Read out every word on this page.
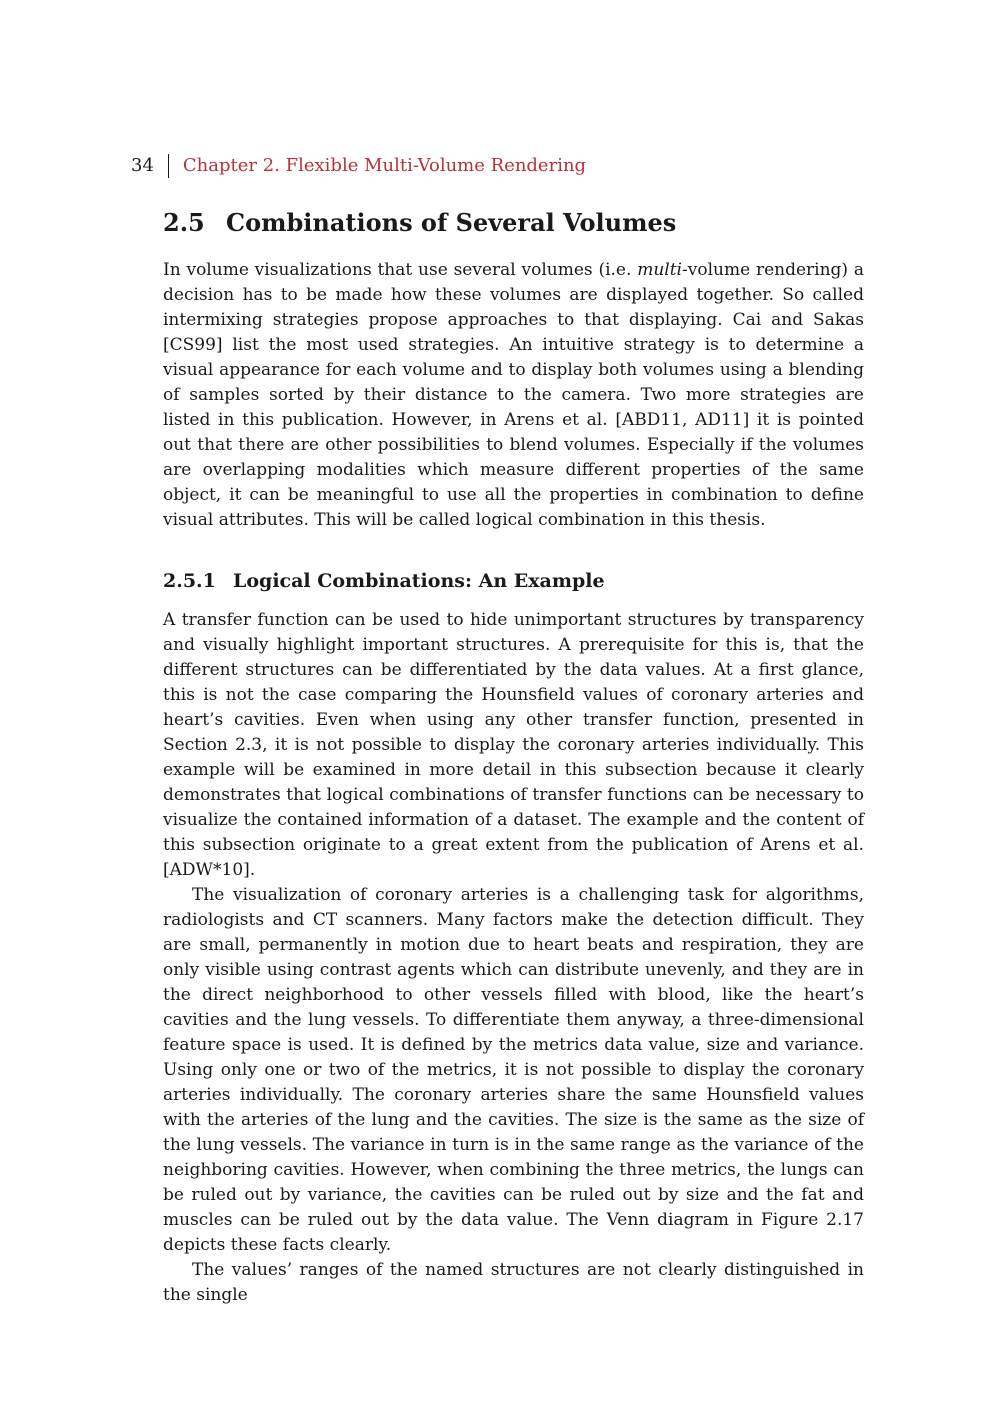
34 Chapter 2. Flexible Multi-Volume Rendering
2.5 Combinations of Several Volumes

In volume visualizations that use several volumes (i.e. multi-volume rendering) a decision has to be made how these volumes are displayed together. So called intermixing strategies propose approaches to that displaying. Cai and Sakas [CS99] list the most used strategies. An intuitive strategy is to determine a visual appearance for each volume and to display both volumes using a blending of samples sorted by their distance to the camera. Two more strategies are listed in this publication. However, in Arens et al. [ABD11, AD11] it is pointed out that there are other possibilities to blend volumes. Especially if the volumes are overlapping modalities which measure different properties of the same object, it can be meaningful to use all the properties in combination to define visual attributes. This will be called logical combination in this thesis.

2.5.1 Logical Combinations: An Example

A transfer function can be used to hide unimportant structures by transparency and visually highlight important structures. A prerequisite for this is, that the different structures can be differentiated by the data values. At a first glance, this is not the case comparing the Hounsfield values of coronary arteries and heart’s cavities. Even when using any other transfer function, presented in Section 2.3, it is not possible to display the coronary arteries individually. This example will be examined in more detail in this subsection because it clearly demonstrates that logical combinations of transfer functions can be necessary to visualize the contained information of a dataset. The example and the content of this subsection originate to a great extent from the publication of Arens et al. [ADW*10].

The visualization of coronary arteries is a challenging task for algorithms, radiologists and CT scanners. Many factors make the detection difficult. They are small, permanently in motion due to heart beats and respiration, they are only visible using contrast agents which can distribute unevenly, and they are in the direct neighborhood to other vessels filled with blood, like the heart’s cavities and the lung vessels. To differentiate them anyway, a three-dimensional feature space is used. It is defined by the metrics data value, size and variance. Using only one or two of the metrics, it is not possible to display the coronary arteries individually. The coronary arteries share the same Hounsfield values with the arteries of the lung and the cavities. The size is the same as the size of the lung vessels. The variance in turn is in the same range as the variance of the neighboring cavities. However, when combining the three metrics, the lungs can be ruled out by variance, the cavities can be ruled out by size and the fat and muscles can be ruled out by the data value. The Venn diagram in Figure 2.17 depicts these facts clearly.

The values’ ranges of the named structures are not clearly distinguished in the single
